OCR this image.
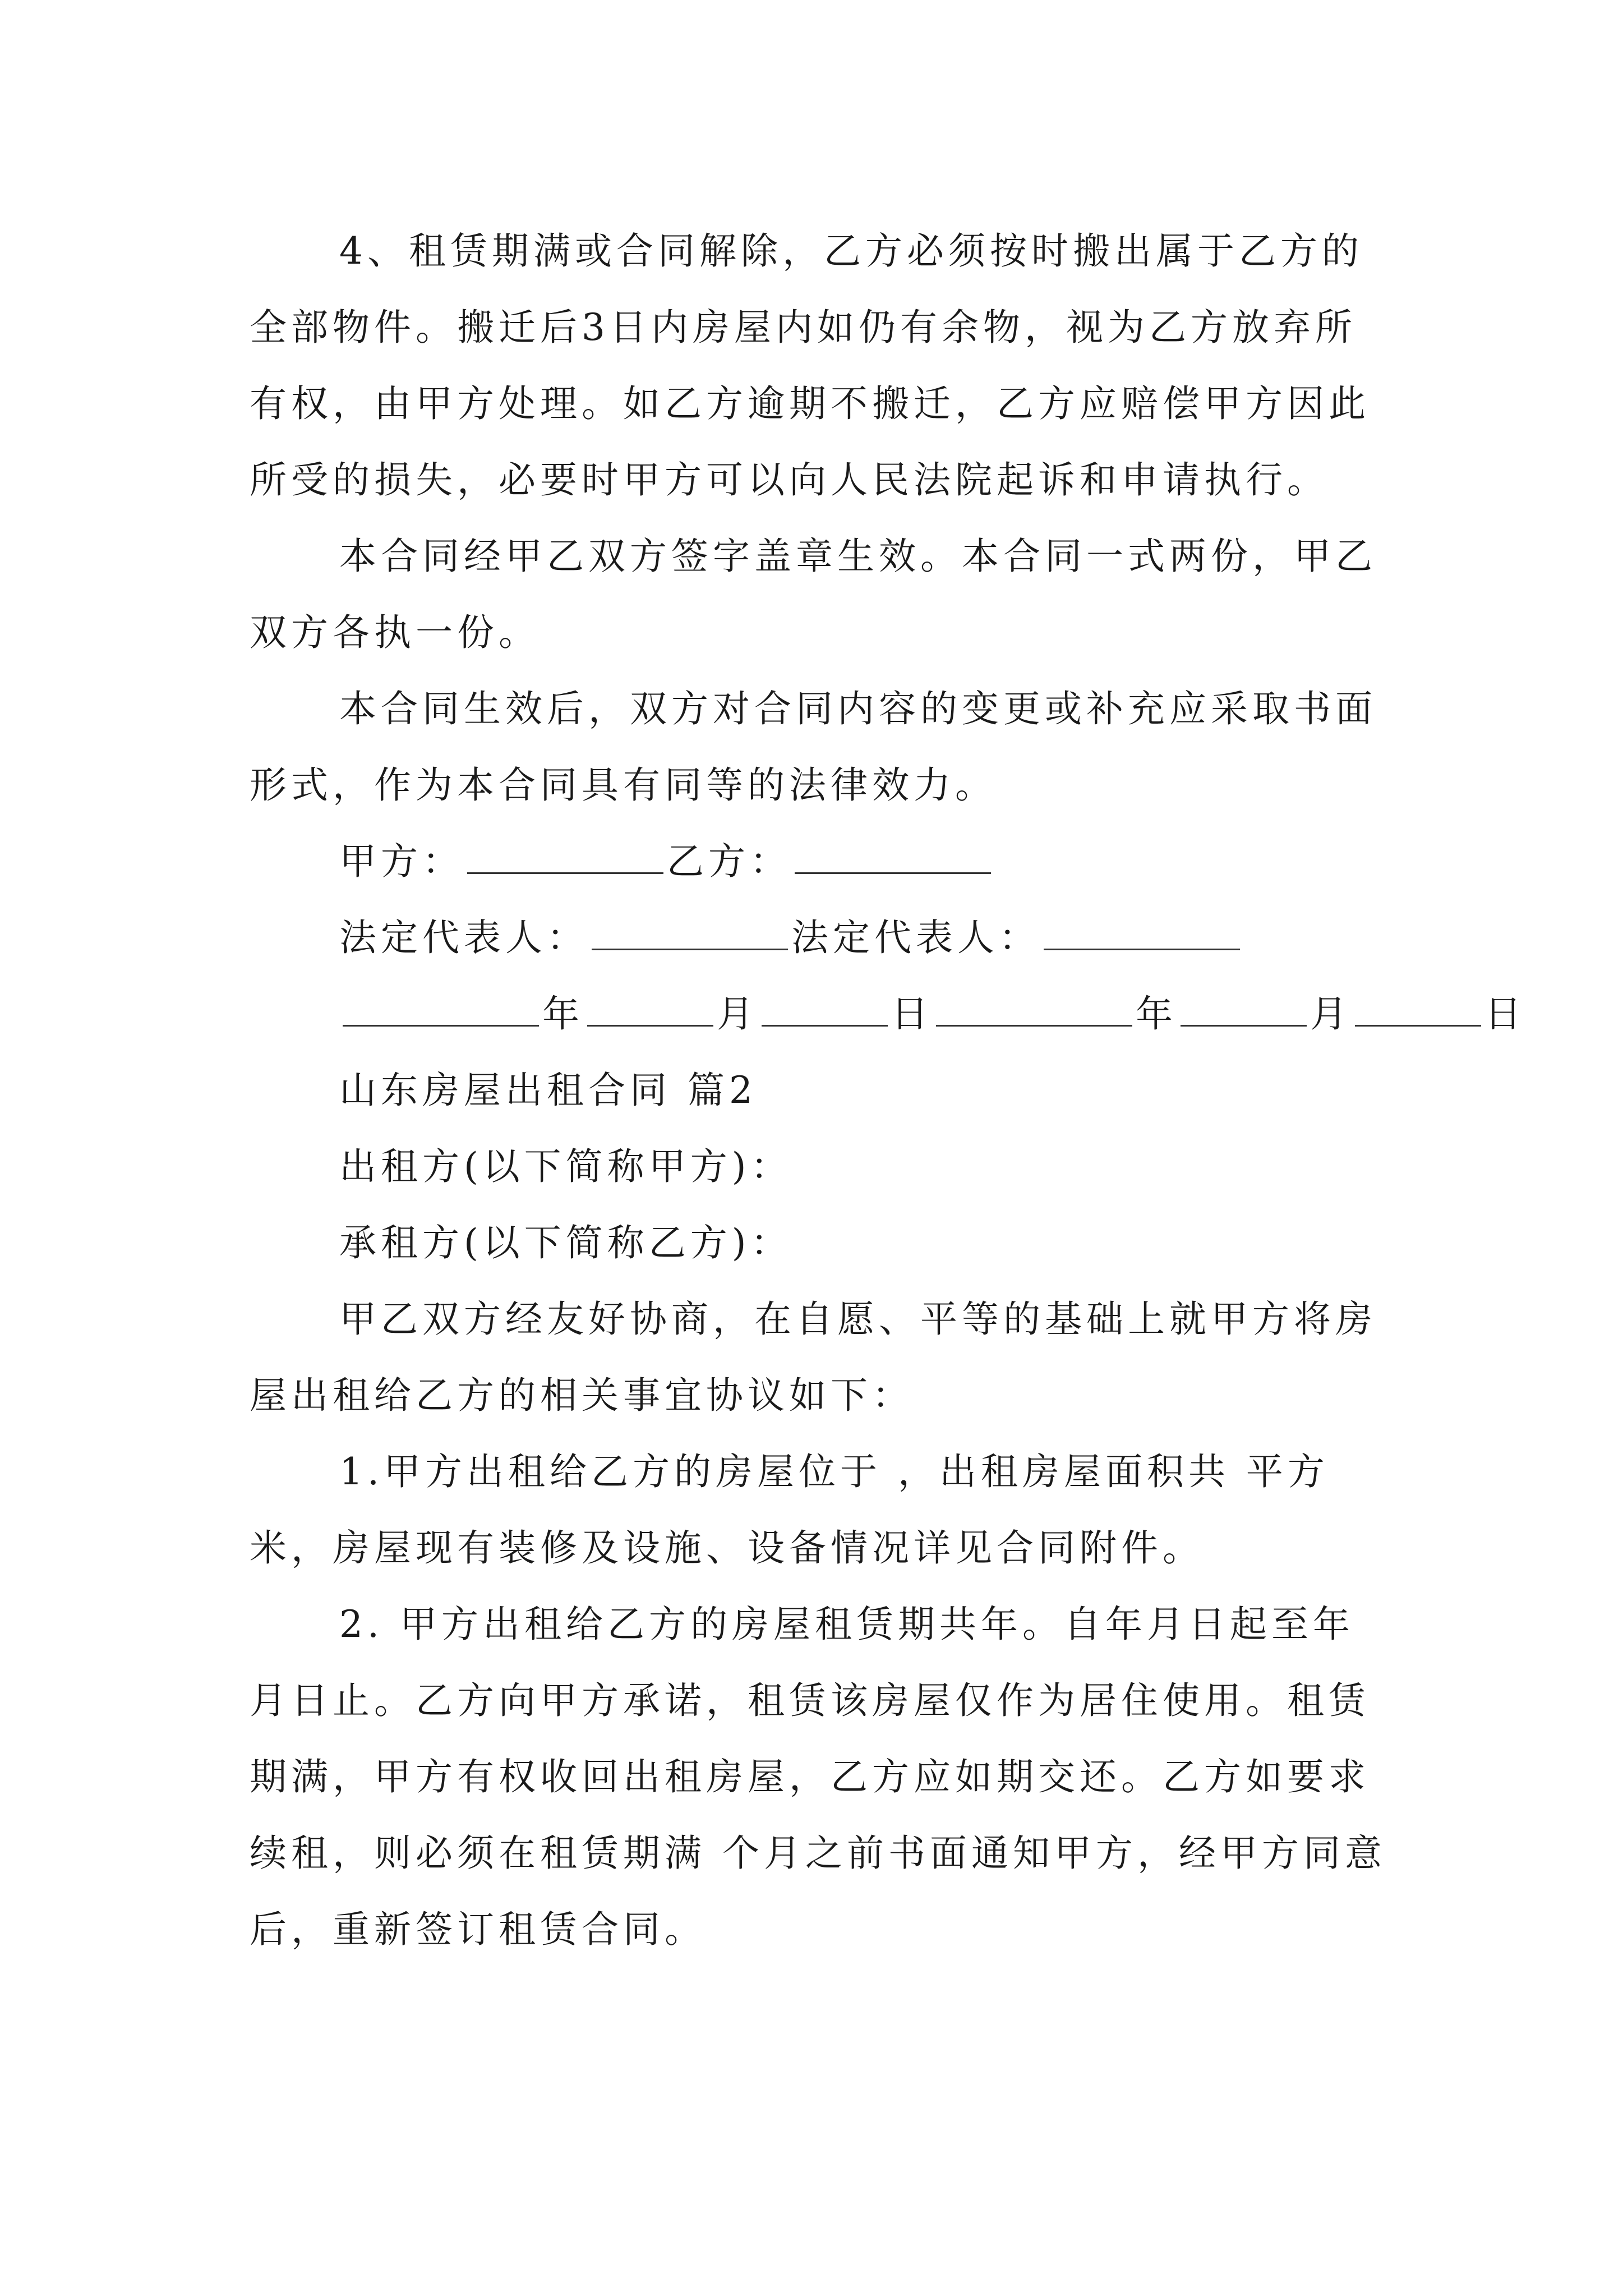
4、租赁期满或合同解除，乙方必须按时搬出属于乙方的全部物件。搬迁后3日内房屋内如仍有余物，视为乙方放弃所有权，由甲方处理。如乙方逾期不搬迁，乙方应赔偿甲方因此所受的损失，必要时甲方可以向人民法院起诉和申请执行。

本合同经甲乙双方签字盖章生效。本合同一式两份，甲乙双方各执一份。

本合同生效后，双方对合同内容的变更或补充应采取书面形式，作为本合同具有同等的法律效力。

甲方：	乙方：

法定代表人：	法定代表人：

年	月	日	年	月	日

山东房屋出租合同 篇2

出租方(以下简称甲方)：

承租方(以下简称乙方)：

甲乙双方经友好协商，在自愿、平等的基础上就甲方将房屋出租给乙方的相关事宜协议如下：

1.甲方出租给乙方的房屋位于 ，出租房屋面积共 平方米，房屋现有装修及设施、设备情况详见合同附件。

2. 甲方出租给乙方的房屋租赁期共年。自年月日起至年月日止。乙方向甲方承诺，租赁该房屋仅作为居住使用。租赁期满，甲方有权收回出租房屋，乙方应如期交还。乙方如要求续租，则必须在租赁期满 个月之前书面通知甲方，经甲方同意后，重新签订租赁合同。
